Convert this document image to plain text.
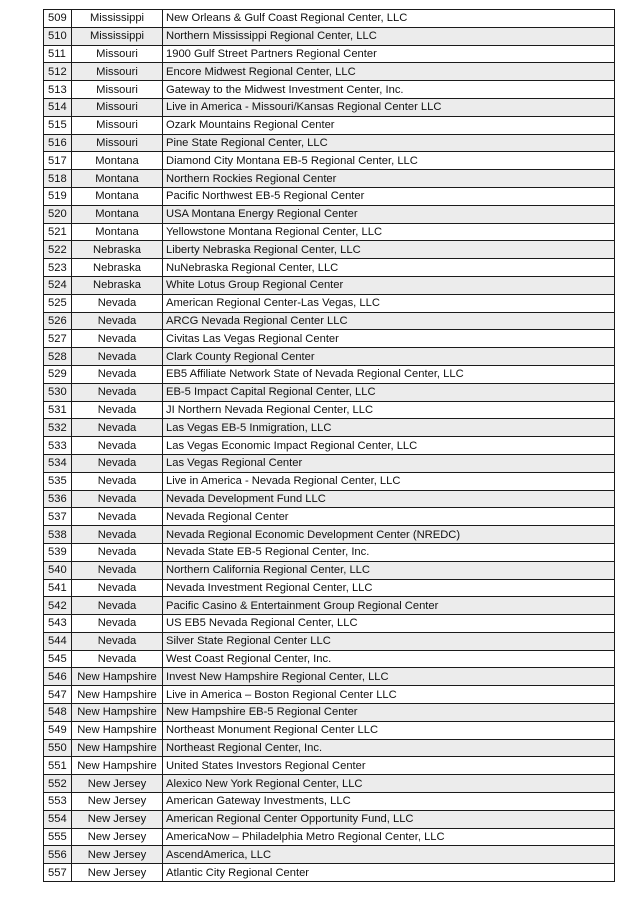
509	Mississippi	New Orleans & Gulf Coast Regional Center, LLC
510	Mississippi	Northern Mississippi Regional Center, LLC
511	Missouri	1900 Gulf Street Partners Regional Center
512	Missouri	Encore Midwest Regional Center, LLC
513	Missouri	Gateway to the Midwest Investment Center, Inc.
514	Missouri	Live in America - Missouri/Kansas Regional Center LLC
515	Missouri	Ozark Mountains Regional Center
516	Missouri	Pine State Regional Center, LLC
517	Montana	Diamond City Montana EB-5 Regional Center, LLC
518	Montana	Northern Rockies Regional Center
519	Montana	Pacific Northwest EB-5 Regional Center
520	Montana	USA Montana Energy Regional Center
521	Montana	Yellowstone Montana Regional Center, LLC
522	Nebraska	Liberty Nebraska Regional Center, LLC
523	Nebraska	NuNebraska Regional Center, LLC
524	Nebraska	White Lotus Group Regional Center
525	Nevada	American Regional Center-Las Vegas, LLC
526	Nevada	ARCG Nevada Regional Center LLC
527	Nevada	Civitas Las Vegas Regional Center
528	Nevada	Clark County Regional Center
529	Nevada	EB5 Affiliate Network State of Nevada Regional Center, LLC
530	Nevada	EB-5 Impact Capital Regional Center, LLC
531	Nevada	JI Northern Nevada Regional Center, LLC
532	Nevada	Las Vegas EB-5 Inmigration, LLC
533	Nevada	Las Vegas Economic Impact Regional Center, LLC
534	Nevada	Las Vegas Regional Center
535	Nevada	Live in America - Nevada Regional Center, LLC
536	Nevada	Nevada Development Fund LLC
537	Nevada	Nevada Regional Center
538	Nevada	Nevada Regional Economic Development Center (NREDC)
539	Nevada	Nevada State EB-5 Regional Center, Inc.
540	Nevada	Northern California Regional Center, LLC
541	Nevada	Nevada Investment Regional Center, LLC
542	Nevada	Pacific Casino & Entertainment Group Regional Center
543	Nevada	US EB5 Nevada Regional Center, LLC
544	Nevada	Silver State Regional Center LLC
545	Nevada	West Coast Regional Center, Inc.
546	New Hampshire	Invest New Hampshire Regional Center, LLC
547	New Hampshire	Live in America – Boston Regional Center LLC
548	New Hampshire	New Hampshire EB-5 Regional Center
549	New Hampshire	Northeast Monument Regional Center LLC
550	New Hampshire	Northeast Regional Center, Inc.
551	New Hampshire	United States Investors Regional Center
552	New Jersey	Alexico New York Regional Center, LLC
553	New Jersey	American Gateway Investments, LLC
554	New Jersey	American Regional Center Opportunity Fund, LLC
555	New Jersey	AmericaNow – Philadelphia Metro Regional Center, LLC
556	New Jersey	AscendAmerica, LLC
557	New Jersey	Atlantic City Regional Center
